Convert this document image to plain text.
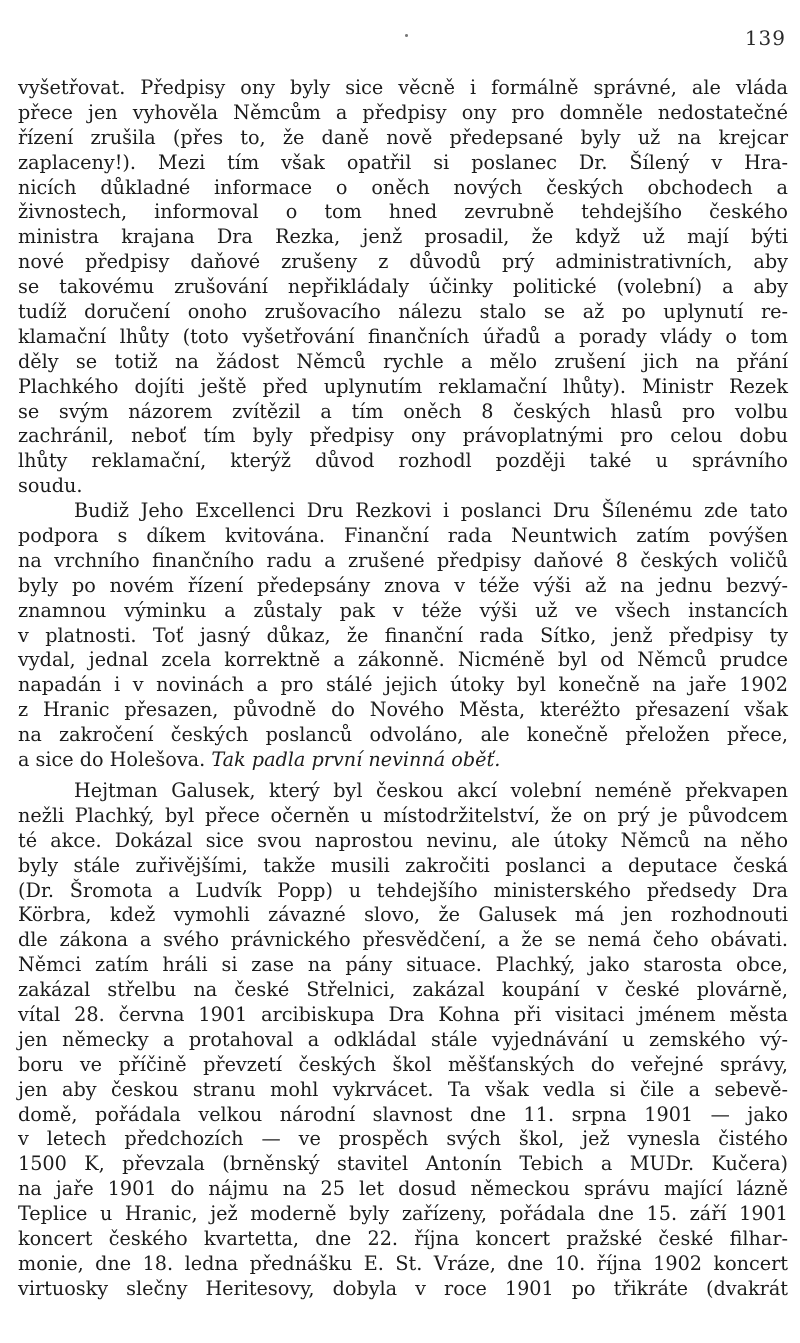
139
vyšetřovat. Předpisy ony byly sice věcně i formálně správné, ale vláda
přece jen vyhověla Němcům a předpisy ony pro domněle nedostatečné
řízení zrušila (přes to, že daně nově předepsané byly už na krejcar
zaplaceny!). Mezi tím však opatřil si poslanec Dr. Šílený v Hra-
nicích důkladné informace o oněch nových českých obchodech a
živnostech, informoval o tom hned zevrubně tehdejšího českého
ministra krajana Dra Rezka, jenž prosadil, že když už mají býti
nové předpisy daňové zrušeny z důvodů prý administrativních, aby
se takovému zrušování nepřikládaly účinky politické (volební) a aby
tudíž doručení onoho zrušovacího nálezu stalo se až po uplynutí re-
klamační lhůty (toto vyšetřování finančních úřadů a porady vlády o tom
děly se totiž na žádost Němců rychle a mělo zrušení jich na přání
Plachkého dojíti ještě před uplynutím reklamační lhůty). Ministr Rezek
se svým názorem zvítězil a tím oněch 8 českých hlasů pro volbu
zachránil, neboť tím byly předpisy ony právoplatnými pro celou dobu
lhůty reklamační, kterýž důvod rozhodl později také u správního
soudu.
Budiž Jeho Excellenci Dru Rezkovi i poslanci Dru Šílenému zde tato
podpora s díkem kvitována. Finanční rada Neuntwich zatím povýšen
na vrchního finančního radu a zrušené předpisy daňové 8 českých voličů
byly po novém řízení předepsány znova v téže výši až na jednu bezvý-
znamnou výminku a zůstaly pak v téže výši už ve všech instancích
v platnosti. Toť jasný důkaz, že finanční rada Sítko, jenž předpisy ty
vydal, jednal zcela korrektně a zákonně. Nicméně byl od Němců prudce
napadán i v novinách a pro stálé jejich útoky byl konečně na jaře 1902
z Hranic přesazen, původně do Nového Města, kteréžto přesazení však
na zakročení českých poslanců odvoláno, ale konečně přeložen přece,
a sice do Holešova. Tak padla první nevinná oběť.
Hejtman Galusek, který byl českou akcí volební neméně překvapen
nežli Plachký, byl přece očerněn u místodržitelství, že on prý je původcem
té akce. Dokázal sice svou naprostou nevinu, ale útoky Němců na něho
byly stále zuřivějšími, takže musili zakročiti poslanci a deputace česká
(Dr. Šromota a Ludvík Popp) u tehdejšího ministerského předsedy Dra
Körbra, kdež vymohli závazné slovo, že Galusek má jen rozhodnouti
dle zákona a svého právnického přesvědčení, a že se nemá čeho obávati.
Němci zatím hráli si zase na pány situace. Plachký, jako starosta obce,
zakázal střelbu na české Střelnici, zakázal koupání v české plovárně,
vítal 28. června 1901 arcibiskupa Dra Kohna při visitaci jménem města
jen německy a protahoval a odkládal stále vyjednávání u zemského vý-
boru ve příčině převzetí českých škol měšťanských do veřejné správy,
jen aby českou stranu mohl vykrvácet. Ta však vedla si čile a sebevě-
domě, pořádala velkou národní slavnost dne 11. srpna 1901 — jako
v letech předchozích — ve prospěch svých škol, jež vynesla čistého
1500 K, převzala (brněnský stavitel Antonín Tebich a MUDr. Kučera)
na jaře 1901 do nájmu na 25 let dosud německou správu mající lázně
Teplice u Hranic, jež moderně byly zařízeny, pořádala dne 15. září 1901
koncert českého kvartetta, dne 22. října koncert pražské české filhar-
monie, dne 18. ledna přednášku E. St. Vráze, dne 10. října 1902 koncert
virtuosky slečny Heritesovy, dobyla v roce 1901 po třikráte (dvakrát
